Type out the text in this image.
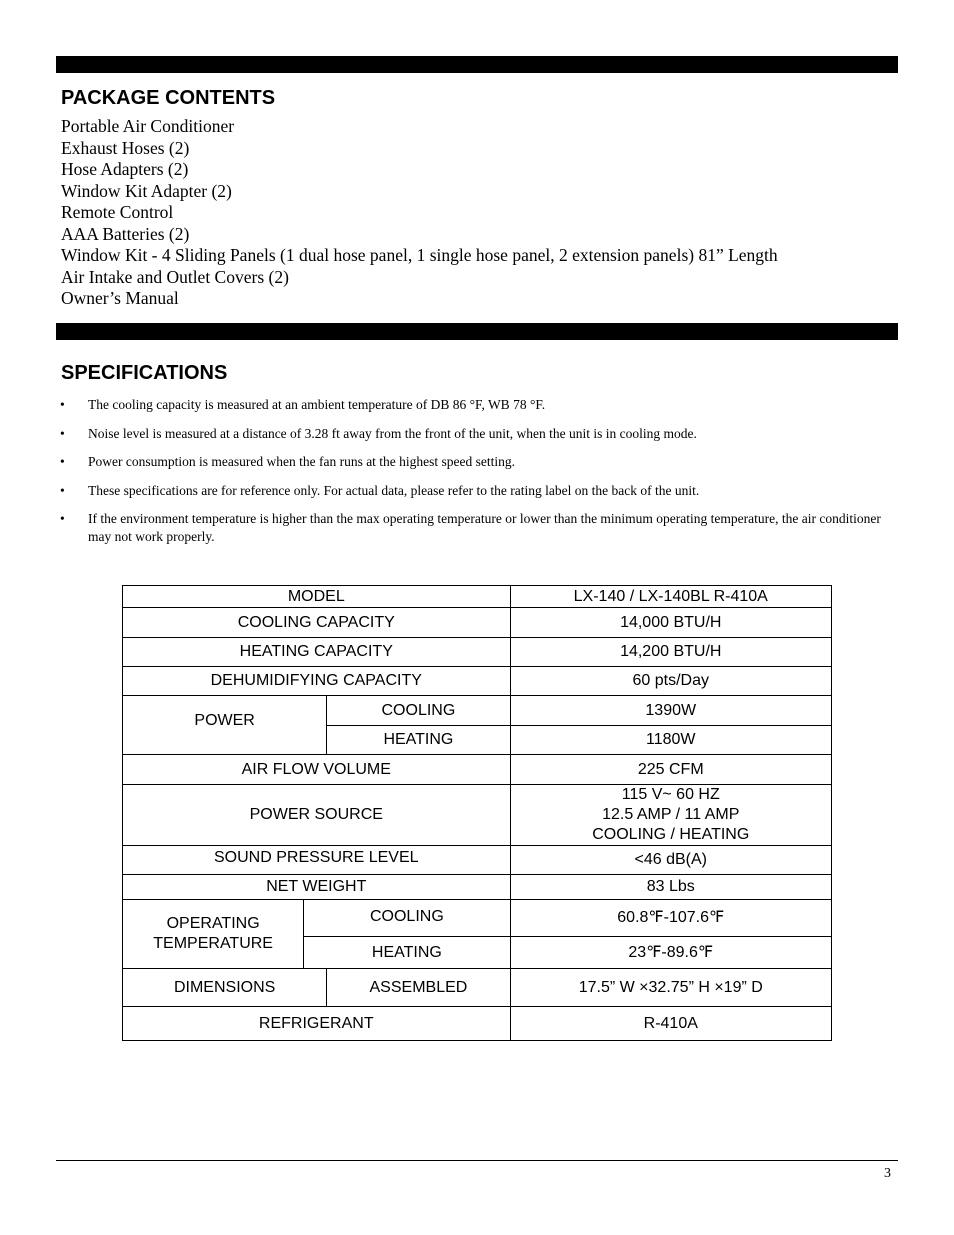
PACKAGE CONTENTS
Portable Air Conditioner
Exhaust Hoses (2)
Hose Adapters (2)
Window Kit Adapter (2)
Remote Control
AAA Batteries (2)
Window Kit - 4 Sliding Panels (1 dual hose panel, 1 single hose panel, 2 extension panels) 81” Length
Air Intake and Outlet Covers (2)
Owner’s Manual
SPECIFICATIONS
• The cooling capacity is measured at an ambient temperature of DB 86 °F, WB 78 °F.
• Noise level is measured at a distance of 3.28 ft away from the front of the unit, when the unit is in cooling mode.
• Power consumption is measured when the fan runs at the highest speed setting.
• These specifications are for reference only. For actual data, please refer to the rating label on the back of the unit.
• If the environment temperature is higher than the max operating temperature or lower than the minimum operating temperature, the air conditioner may not work properly.
MODEL			LX-140 / LX-140BL R-410A
COOLING CAPACITY			14,000 BTU/H
HEATING CAPACITY			14,200 BTU/H
DEHUMIDIFYING CAPACITY			60 pts/Day

POWER		COOLING	1390W
		HEATING	1180W
AIR FLOW VOLUME			225 CFM
POWER SOURCE			115 V~ 60 HZ
12.5 AMP / 11 AMP
COOLING / HEATING

SOUND PRESSURE LEVEL			<46 dB(A)
NET WEIGHT			83 Lbs

OPERATING
TEMPERATURE	COOLING		60.8℉-107.6℉
	HEATING		23℉-89.6℉
DIMENSIONS		ASSEMBLED	17.5” W ×32.75” H ×19” D
REFRIGERANT			R-410A
3
